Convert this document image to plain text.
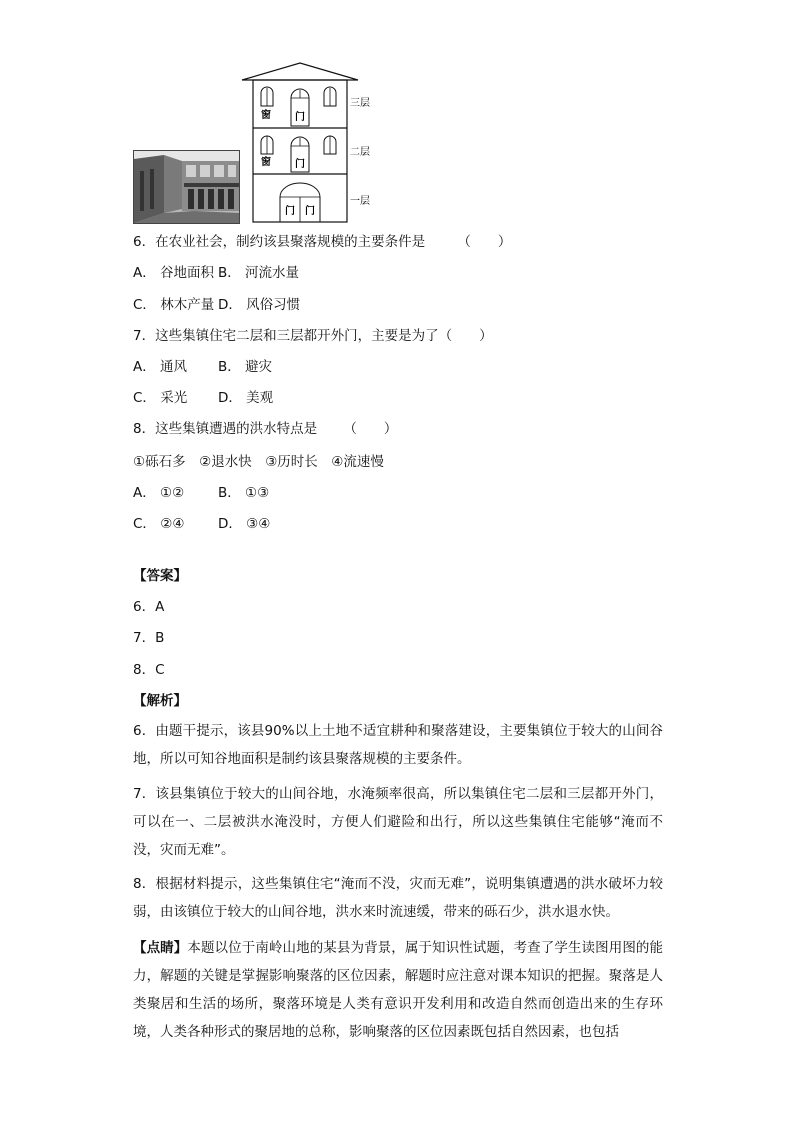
窗 门
窗 门
门 门
三层
二层
一层
6．在农业社会，制约该县聚落规模的主要条件是 （　　）
A． 谷地面积 B． 河流水量
C． 林木产量 D． 风俗习惯
7．这些集镇住宅二层和三层都开外门，主要是为了（　　）
A． 通风 B． 避灾
C． 采光 D． 美观
8．这些集镇遭遇的洪水特点是 （　　）
①砾石多　②退水快　③历时长　④流速慢
A． ①②	B． ①③
C． ②④ D． ③④
【答案】
6．A
7．B
8．C
【解析】
6．由题干提示，该县90%以上土地不适宜耕种和聚落建设，主要集镇位于较大的山间谷地，所以可知谷地面积是制约该县聚落规模的主要条件。
7．该县集镇位于较大的山间谷地，水淹频率很高，所以集镇住宅二层和三层都开外门，可以在一、二层被洪水淹没时，方便人们避险和出行，所以这些集镇住宅能够“淹而不没，灾而无难”。
8．根据材料提示，这些集镇住宅“淹而不没，灾而无难”，说明集镇遭遇的洪水破坏力较弱，由该镇位于较大的山间谷地，洪水来时流速缓，带来的砾石少，洪水退水快。
【点睛】本题以位于南岭山地的某县为背景，属于知识性试题，考查了学生读图用图的能力，解题的关键是掌握影响聚落的区位因素，解题时应注意对课本知识的把握。聚落是人类聚居和生活的场所，聚落环境是人类有意识开发利用和改造自然而创造出来的生存环境，人类各种形式的聚居地的总称，影响聚落的区位因素既包括自然因素，也包括
